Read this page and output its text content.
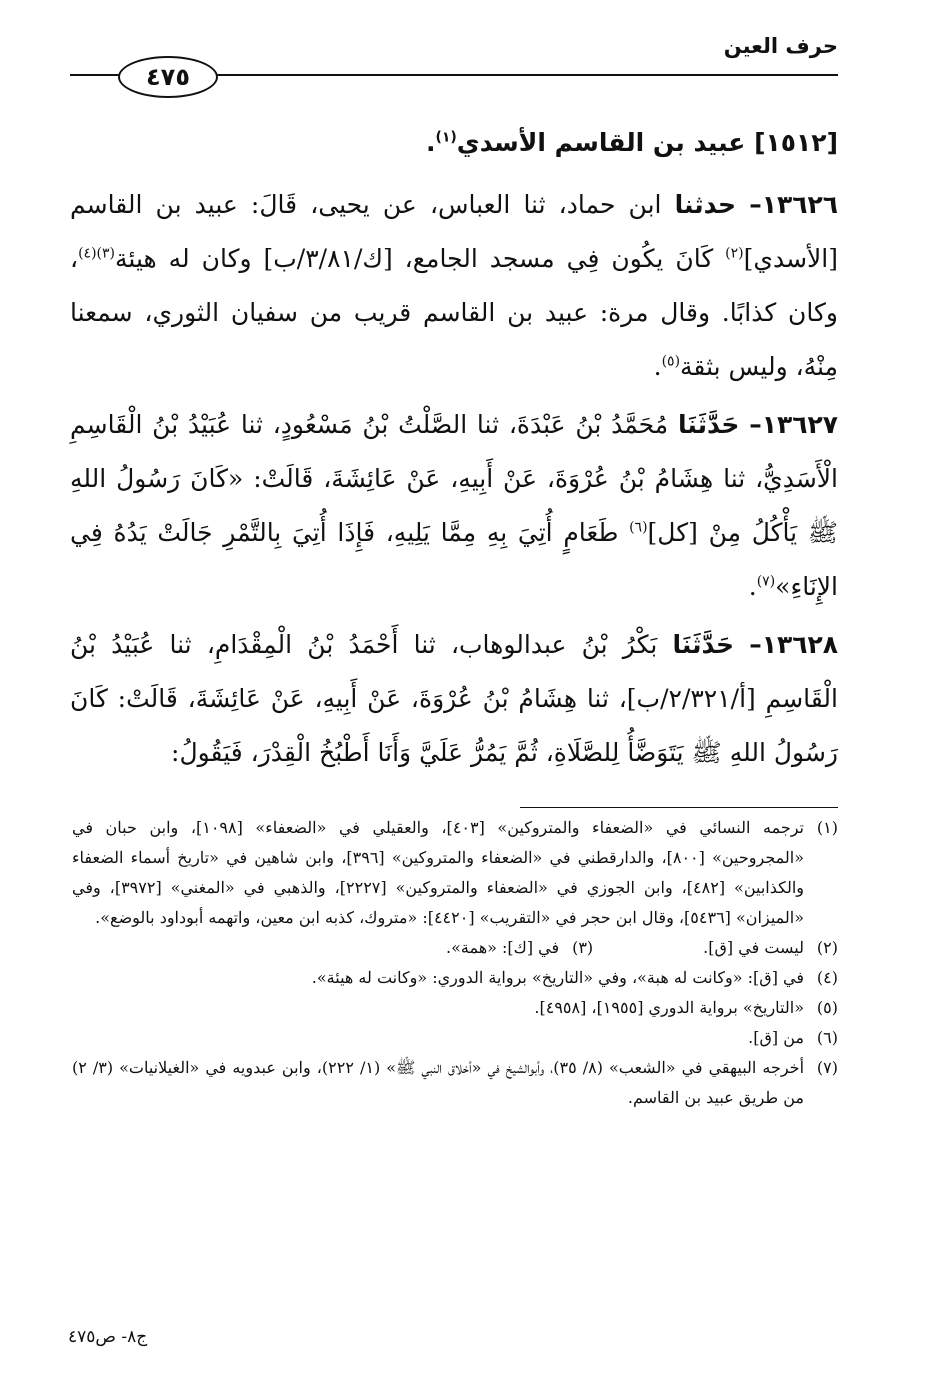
حرف العين
٤٧٥
[١٥١٢] عبيد بن القاسم الأسدي$^{(١)}$.

١٣٦٢٦– حدثنا ابن حماد، ثنا العباس، عن يحيى، قَالَ: عبيد بن القاسم [الأسدي]$^{(٢)}$ كَانَ يكُون فِي مسجد الجامع، [ك/٣/٨١/ب] وكان له هيئة$^{(٣)(٤)}$، وكان كذابًا. وقال مرة: عبيد بن القاسم قريب من سفيان الثوري، سمعنا مِنْهُ، وليس بثقة$^{(٥)}$.

١٣٦٢٧– حَدَّثَنَا مُحَمَّدُ بْنُ عَبْدَةَ، ثنا الصَّلْتُ بْنُ مَسْعُودٍ، ثنا عُبَيْدُ بْنُ الْقَاسِمِ الْأَسَدِيُّ، ثنا هِشَامُ بْنُ عُرْوَةَ، عَنْ أَبِيهِ، عَنْ عَائِشَةَ، قَالَتْ: «كَانَ رَسُولُ اللهِ ﷺ يَأْكُلُ مِنْ [كل]$^{(٦)}$ طَعَامٍ أُتِيَ بِهِ مِمَّا يَلِيهِ، فَإِذَا أُتِيَ بِالتَّمْرِ جَالَتْ يَدُهُ فِي الإِنَاءِ»$^{(٧)}$.

١٣٦٢٨– حَدَّثَنَا بَكْرُ بْنُ عبدالوهاب، ثنا أَحْمَدُ بْنُ الْمِقْدَامِ، ثنا عُبَيْدُ بْنُ الْقَاسِمِ [أ/٢/٣٢١/ب]، ثنا هِشَامُ بْنُ عُرْوَةَ، عَنْ أَبِيهِ، عَنْ عَائِشَةَ، قَالَتْ: كَانَ رَسُولُ اللهِ ﷺ يَتَوَضَّأُ لِلصَّلَاةِ، ثُمَّ يَمُرُّ عَلَيَّ وَأَنَا أَطْبُخُ الْقِدْرَ، فَيَقُولُ:

(١)
ترجمه النسائي في «الضعفاء والمتروكين» [٤٠٣]، والعقيلي في «الضعفاء» [١٠٩٨]، وابن حبان في «المجروحين» [٨٠٠]، والدارقطني في «الضعفاء والمتروكين» [٣٩٦]، وابن شاهين في «تاريخ أسماء الضعفاء والكذابين» [٤٨٢]، وابن الجوزي في «الضعفاء والمتروكين» [٢٢٢٧]، والذهبي في «المغني» [٣٩٧٢]، وفي «الميزان» [٥٤٣٦]، وقال ابن حجر في «التقريب» [٤٤٢٠]: «متروك، كذبه ابن معين، واتهمه أبوداود بالوضع».
(٢)
ليست في [ق].
(٣)
في [ك]: «همة».
(٤)
في [ق]: «وكانت له هبة»، وفي «التاريخ» برواية الدوري: «وكانت له هيئة».
(٥)
«التاريخ» برواية الدوري [١٩٥٥]، [٤٩٥٨].
(٦)
من [ق].
(٧)
أخرجه البيهقي في «الشعب» (٨/ ٣٥)، وأبوالشيخ في «أخلاق النبي ﷺ» (١/ ٢٢٢)، وابن عبدويه في «الغيلانيات» (٣/ ٢) من طريق عبيد بن القاسم.
ج٨- ص٤٧٥
